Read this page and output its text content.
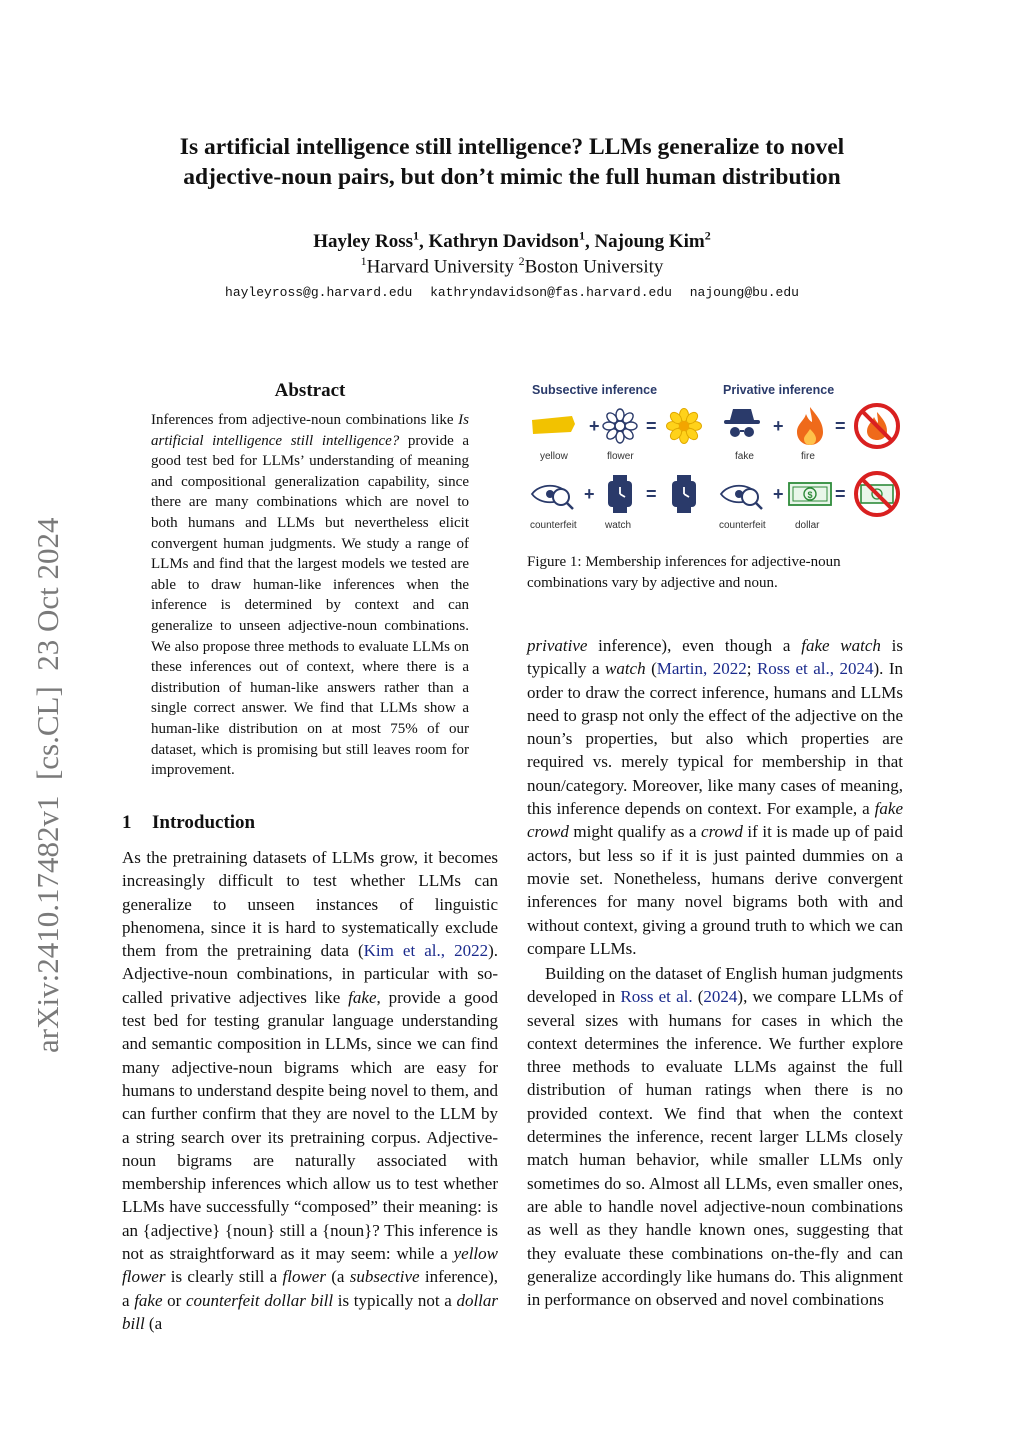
arXiv:2410.17482v1  [cs.CL]  23 Oct 2024
Is artificial intelligence still intelligence? LLMs generalize to novel
adjective-noun pairs, but don’t mimic the full human distribution
Hayley Ross$^1$, Kathryn Davidson$^1$, Najoung Kim$^2$
$^1$Harvard University $^2$Boston University
hayleyross@g.harvard.edu kathryndavidson@fas.harvard.edu najoung@bu.edu
Abstract
Inferences from adjective-noun combinations like Is artificial intelligence still intelligence? provide a good test bed for LLMs’ understanding of meaning and compositional generalization capability, since there are many combinations which are novel to both humans and LLMs but nevertheless elicit convergent human judgments. We study a range of LLMs and find that the largest models we tested are able to draw human-like inferences when the inference is determined by context and can generalize to unseen adjective-noun combinations. We also propose three methods to evaluate LLMs on these inferences out of context, where there is a distribution of human-like answers rather than a single correct answer. We find that LLMs show a human-like distribution on at most 75% of our dataset, which is promising but still leaves room for improvement.
1 Introduction

As the pretraining datasets of LLMs grow, it becomes increasingly difficult to test whether LLMs can generalize to unseen instances of linguistic phenomena, since it is hard to systematically exclude them from the pretraining data (Kim et al., 2022). Adjective-noun combinations, in particular with so-called privative adjectives like fake, provide a good test bed for testing granular language understanding and semantic composition in LLMs, since we can find many adjective-noun bigrams which are easy for humans to understand despite being novel to them, and can further confirm that they are novel to the LLM by a string search over its pretraining corpus. Adjective-noun bigrams are naturally associated with membership inferences which allow us to test whether LLMs have successfully “composed” their meaning: is an {adjective} {noun} still a {noun}? This inference is not as straightforward as it may seem: while a yellow flower is clearly still a flower (a subsective inference), a fake or counterfeit dollar bill is typically not a dollar bill (a

Subsective inference	Privative inference
+	=
yellow	flower
+	=
fake	fire
+	=
counterfeit	watch
+	$ =
counterfeit	dollar
Figure 1: Membership inferences for adjective-noun combinations vary by adjective and noun.

privative inference), even though a fake watch is typically a watch (Martin, 2022; Ross et al., 2024). In order to draw the correct inference, humans and LLMs need to grasp not only the effect of the adjective on the noun’s properties, but also which properties are required vs. merely typical for membership in that noun/category. Moreover, like many cases of meaning, this inference depends on context. For example, a fake crowd might qualify as a crowd if it is made up of paid actors, but less so if it is just painted dummies on a movie set. Nonetheless, humans derive convergent inferences for many novel bigrams both with and without context, giving a ground truth to which we can compare LLMs.

Building on the dataset of English human judgments developed in Ross et al. (2024), we compare LLMs of several sizes with humans for cases in which the context determines the inference. We further explore three methods to evaluate LLMs against the full distribution of human ratings when there is no provided context. We find that when the context determines the inference, recent larger LLMs closely match human behavior, while smaller LLMs only sometimes do so. Almost all LLMs, even smaller ones, are able to handle novel adjective-noun combinations as well as they handle known ones, suggesting that they evaluate these combinations on-the-fly and can generalize accordingly like humans do. This alignment in performance on observed and novel combinations
